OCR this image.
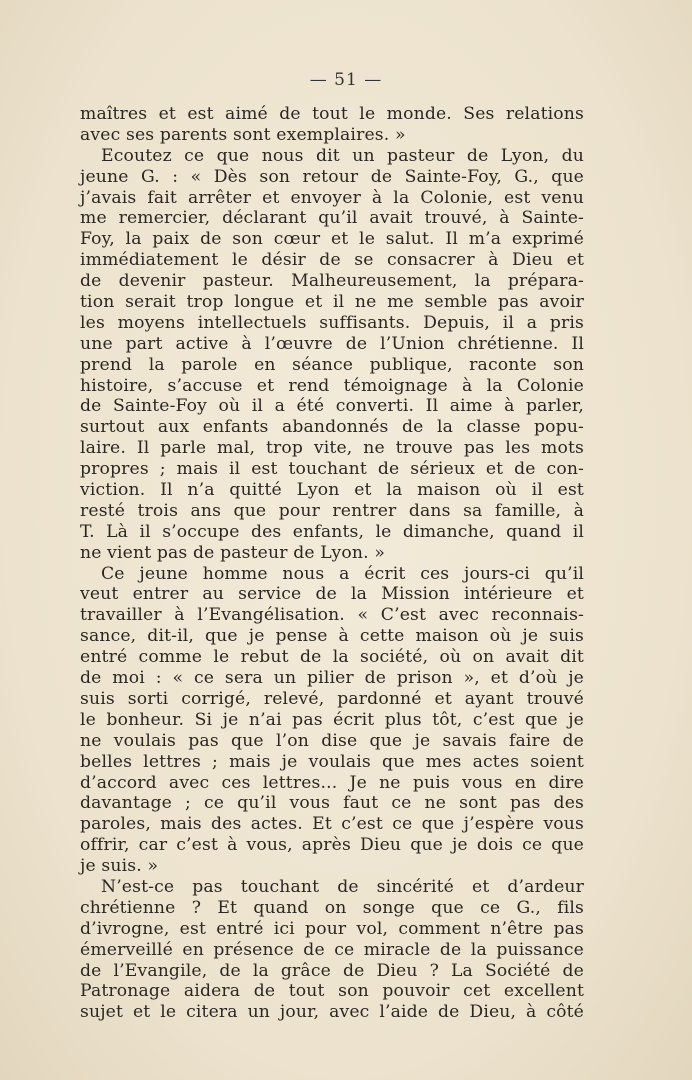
— 51 —
maîtres et est aimé de tout le monde. Ses relations
avec ses parents sont exemplaires. »
Ecoutez ce que nous dit un pasteur de Lyon, du
jeune G. : « Dès son retour de Sainte-Foy, G., que
j’avais fait arrêter et envoyer à la Colonie, est venu
me remercier, déclarant qu’il avait trouvé, à Sainte-
Foy, la paix de son cœur et le salut. Il m’a exprimé
immédiatement le désir de se consacrer à Dieu et
de devenir pasteur. Malheureusement, la prépara-
tion serait trop longue et il ne me semble pas avoir
les moyens intellectuels suffisants. Depuis, il a pris
une part active à l’œuvre de l’Union chrétienne. Il
prend la parole en séance publique, raconte son
histoire, s’accuse et rend témoignage à la Colonie
de Sainte-Foy où il a été converti. Il aime à parler,
surtout aux enfants abandonnés de la classe popu-
laire. Il parle mal, trop vite, ne trouve pas les mots
propres ; mais il est touchant de sérieux et de con-
viction. Il n’a quitté Lyon et la maison où il est
resté trois ans que pour rentrer dans sa famille, à
T. Là il s’occupe des enfants, le dimanche, quand il
ne vient pas de pasteur de Lyon. »
Ce jeune homme nous a écrit ces jours-ci qu’il
veut entrer au service de la Mission intérieure et
travailler à l’Evangélisation. « C’est avec reconnais-
sance, dit-il, que je pense à cette maison où je suis
entré comme le rebut de la société, où on avait dit
de moi : « ce sera un pilier de prison », et d’où je
suis sorti corrigé, relevé, pardonné et ayant trouvé
le bonheur. Si je n’ai pas écrit plus tôt, c’est que je
ne voulais pas que l’on dise que je savais faire de
belles lettres ; mais je voulais que mes actes soient
d’accord avec ces lettres... Je ne puis vous en dire
davantage ; ce qu’il vous faut ce ne sont pas des
paroles, mais des actes. Et c’est ce que j’espère vous
offrir, car c’est à vous, après Dieu que je dois ce que
je suis. »
N’est-ce pas touchant de sincérité et d’ardeur
chrétienne ? Et quand on songe que ce G., fils
d’ivrogne, est entré ici pour vol, comment n’être pas
émerveillé en présence de ce miracle de la puissance
de l’Evangile, de la grâce de Dieu ? La Société de
Patronage aidera de tout son pouvoir cet excellent
sujet et le citera un jour, avec l’aide de Dieu, à côté
